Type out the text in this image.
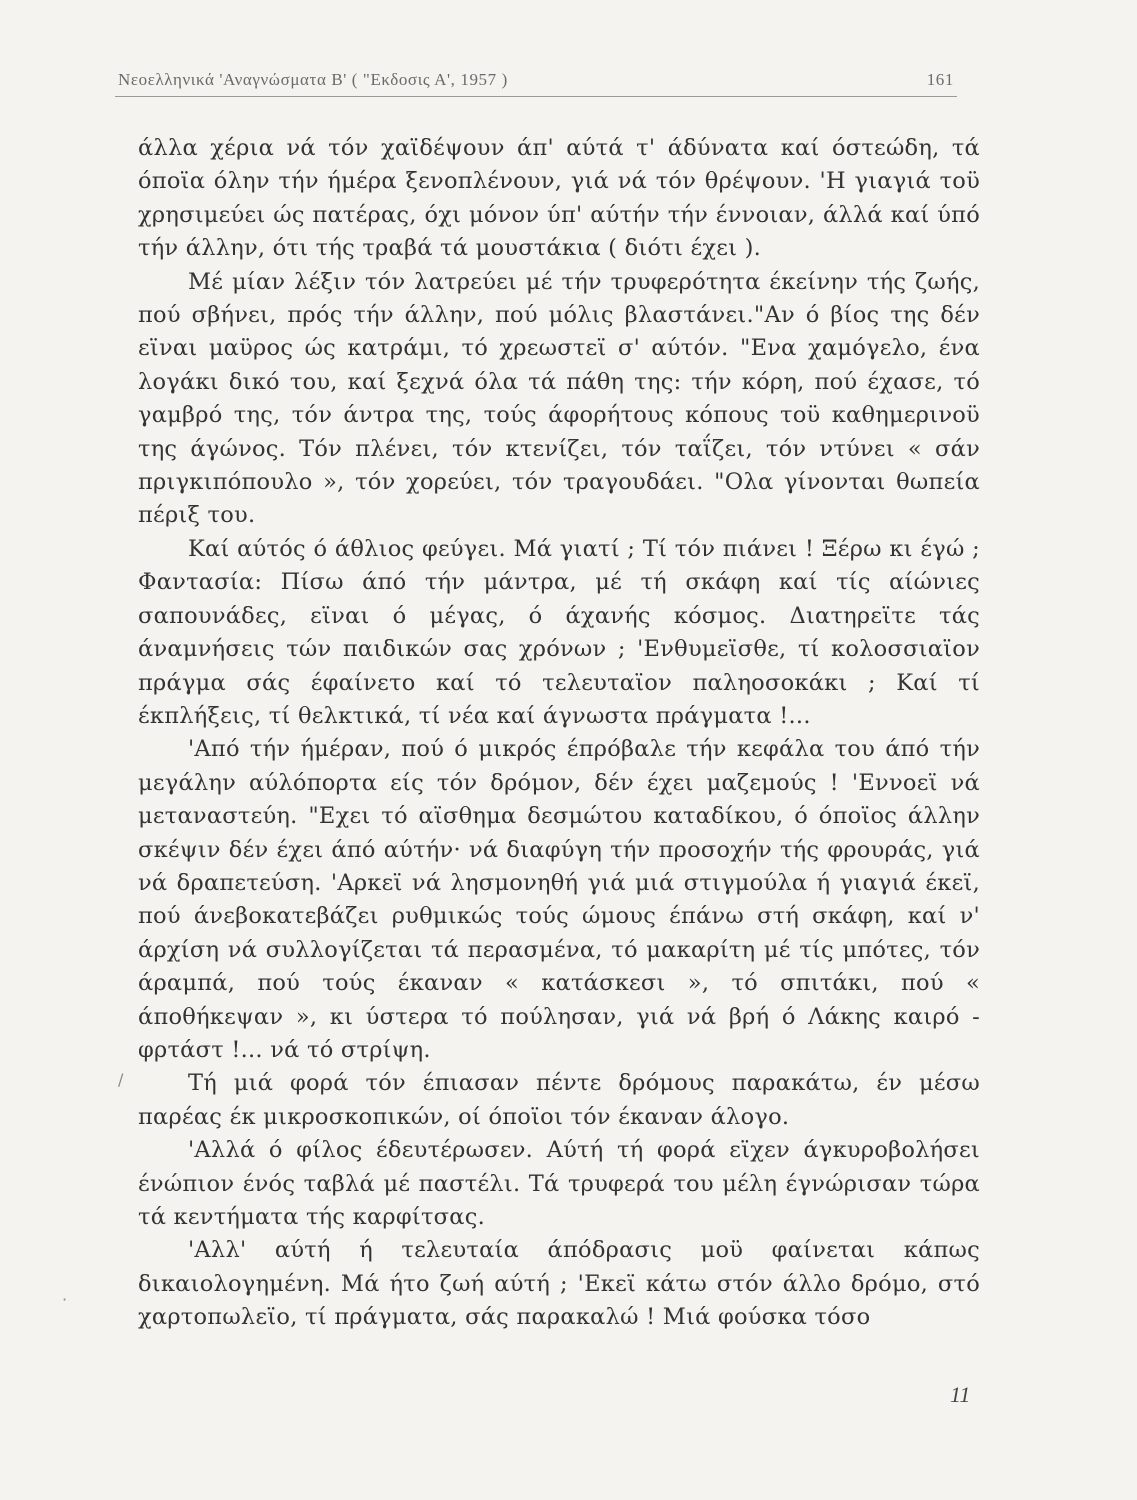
Νεοελληνικά 'Αναγνώσματα Β' ( "Εκδοσις Α', 1957 )	161

άλλα χέρια νά τόν χαϊδέψουν άπ' αύτά τ' άδύνατα καί όστεώδη, τά όποϊα όλην τήν ήμέρα ξενοπλένουν, γιά νά τόν θρέψουν. 'Η γιαγιά τοϋ χρησιμεύει ώς πατέρας, όχι μόνον ύπ' αύτήν τήν έννοιαν, άλλά καί ύπό τήν άλλην, ότι τής τραβά τά μουστάκια ( διότι έχει ).

Μέ μίαν λέξιν τόν λατρεύει μέ τήν τρυφερότητα έκείνην τής ζωής, πού σβήνει, πρός τήν άλλην, πού μόλις βλαστάνει."Αν ό βίος της δέν εϊναι μαϋρος ώς κατράμι, τό χρεωστεϊ σ' αύτόν. "Ενα χαμόγελο, ένα λογάκι δικό του, καί ξεχνά όλα τά πάθη της: τήν κόρη, πού έχασε, τό γαμβρό της, τόν άντρα της, τούς άφορήτους κόπους τοϋ καθημερινοϋ της άγώνος. Τόν πλένει, τόν κτενίζει, τόν ταΐζει, τόν ντύνει « σάν πριγκιπόπουλο », τόν χορεύει, τόν τραγουδάει. "Ολα γίνονται θωπεία πέριξ του.

Καί αύτός ό άθλιος φεύγει. Μά γιατί ; Τί τόν πιάνει ! Ξέρω κι έγώ ; Φαντασία: Πίσω άπό τήν μάντρα, μέ τή σκάφη καί τίς αίώνιες σαπουνάδες, εϊναι ό μέγας, ό άχανής κόσμος. Διατηρεϊτε τάς άναμνήσεις τών παιδικών σας χρόνων ; 'Ενθυμεϊσθε, τί κολοσσιαϊον πράγμα σάς έφαίνετο καί τό τελευταϊον παληοσοκάκι ; Καί τί έκπλήξεις, τί θελκτικά, τί νέα καί άγνωστα πράγματα !...

'Από τήν ήμέραν, πού ό μικρός έπρόβαλε τήν κεφάλα του άπό τήν μεγάλην αύλόπορτα είς τόν δρόμον, δέν έχει μαζεμούς ! 'Εννοεϊ νά μεταναστεύη. "Εχει τό αϊσθημα δεσμώτου καταδίκου, ό όποϊος άλλην σκέψιν δέν έχει άπό αύτήν· νά διαφύγη τήν προσοχήν τής φρουράς, γιά νά δραπετεύση. 'Αρκεϊ νά λησμονηθή γιά μιά στιγμούλα ή γιαγιά έκεϊ, πού άνεβοκατεβάζει ρυθμικώς τούς ώμους έπάνω στή σκάφη, καί ν' άρχίση νά συλλογίζεται τά περασμένα, τό μακαρίτη μέ τίς μπότες, τόν άραμπά, πού τούς έκαναν « κατάσκεσι », τό σπιτάκι, πού « άποθήκεψαν », κι ύστερα τό πούλησαν, γιά νά βρή ό Λάκης καιρό - φρτάστ !... νά τό στρίψη.

Τή μιά φορά τόν έπιασαν πέντε δρόμους παρακάτω, έν μέσω παρέας έκ μικροσκοπικών, οί όποϊοι τόν έκαναν άλογο.

'Αλλά ό φίλος έδευτέρωσεν. Αύτή τή φορά εϊχεν άγκυροβολήσει ένώπιον ένός ταβλά μέ παστέλι. Τά τρυφερά του μέλη έγνώρισαν τώρα τά κεντήματα τής καρφίτσας.

'Αλλ' αύτή ή τελευταία άπόδρασις μοϋ φαίνεται κάπως δικαιολογημένη. Μά ήτο ζωή αύτή ; 'Εκεϊ κάτω στόν άλλο δρόμο, στό χαρτοπωλεϊο, τί πράγματα, σάς παρακαλώ ! Μιά φούσκα τόσο

/
·
11
